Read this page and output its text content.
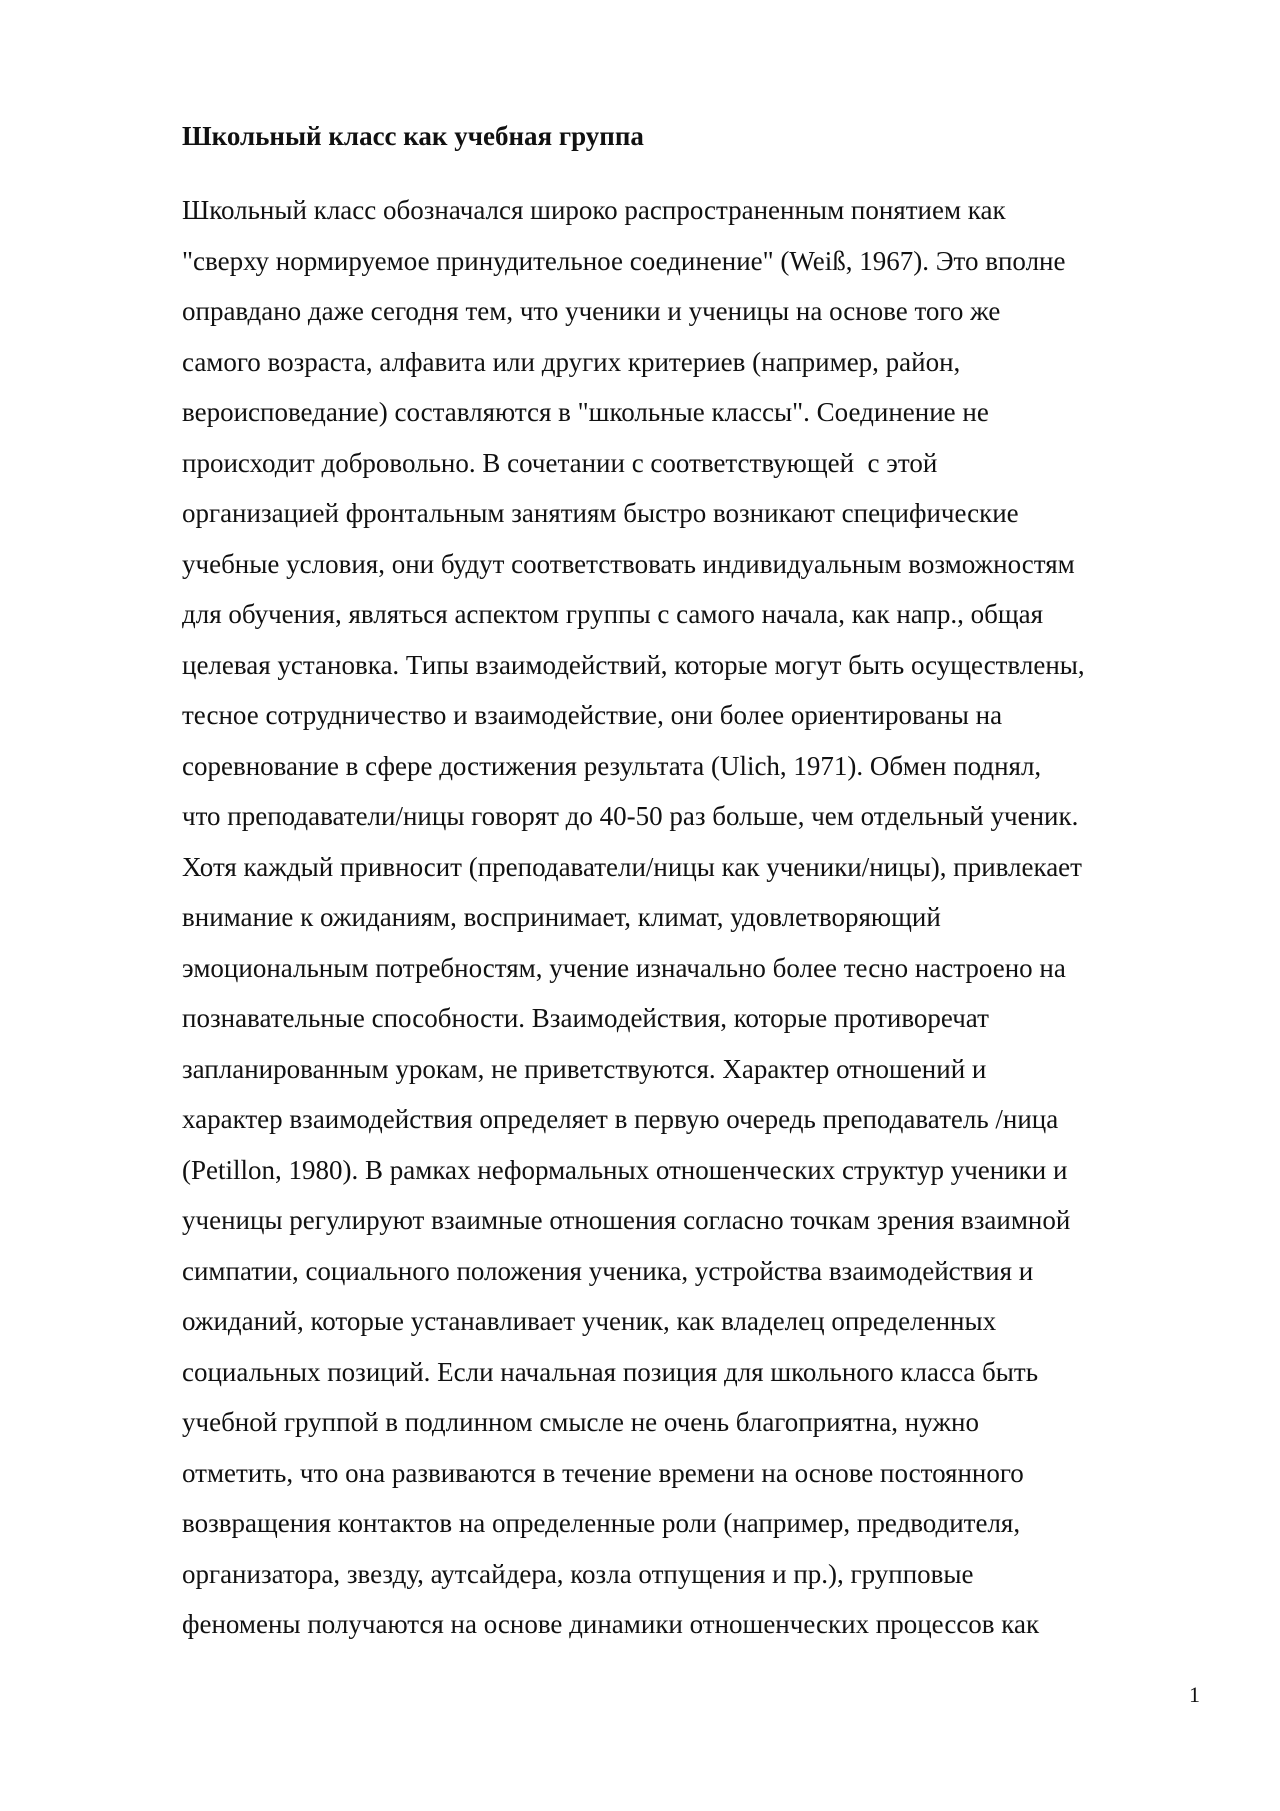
Школьный класс как учебная группа
Школьный класс обозначался широко распространенным понятием как
"сверху нормируемое принудительное соединение" (Weiß, 1967). Это вполне
оправдано даже сегодня тем, что ученики и ученицы на основе того же
самого возраста, алфавита или других критериев (например, район,
вероисповедание) составляются в "школьные классы". Соединение не
происходит добровольно. В сочетании с соответствующей  с этой
организацией фронтальным занятиям быстро возникают специфические
учебные условия, они будут соответствовать индивидуальным возможностям
для обучения, являться аспектом группы с самого начала, как напр., общая
целевая установка. Типы взаимодействий, которые могут быть осуществлены,
тесное сотрудничество и взаимодействие, они более ориентированы на
соревнование в сфере достижения результата (Ulich, 1971). Обмен поднял,
что преподаватели/ницы говорят до 40-50 раз больше, чем отдельный ученик.
Хотя каждый привносит (преподаватели/ницы как ученики/ницы), привлекает
внимание к ожиданиям, воспринимает, климат, удовлетворяющий
эмоциональным потребностям, учение изначально более тесно настроено на
познавательные способности. Взаимодействия, которые противоречат
запланированным урокам, не приветствуются. Характер отношений и
характер взаимодействия определяет в первую очередь преподаватель /ница
(Petillon, 1980). В рамках неформальных отношенческих структур ученики и
ученицы регулируют взаимные отношения согласно точкам зрения взаимной
симпатии, социального положения ученика, устройства взаимодействия и
ожиданий, которые устанавливает ученик, как владелец определенных
социальных позиций. Если начальная позиция для школьного класса быть
учебной группой в подлинном смысле не очень благоприятна, нужно
отметить, что она развиваются в течение времени на основе постоянного
возвращения контактов на определенные роли (например, предводителя,
организатора, звезду, аутсайдера, козла отпущения и пр.), групповые
феномены получаются на основе динамики отношенческих процессов как
1
